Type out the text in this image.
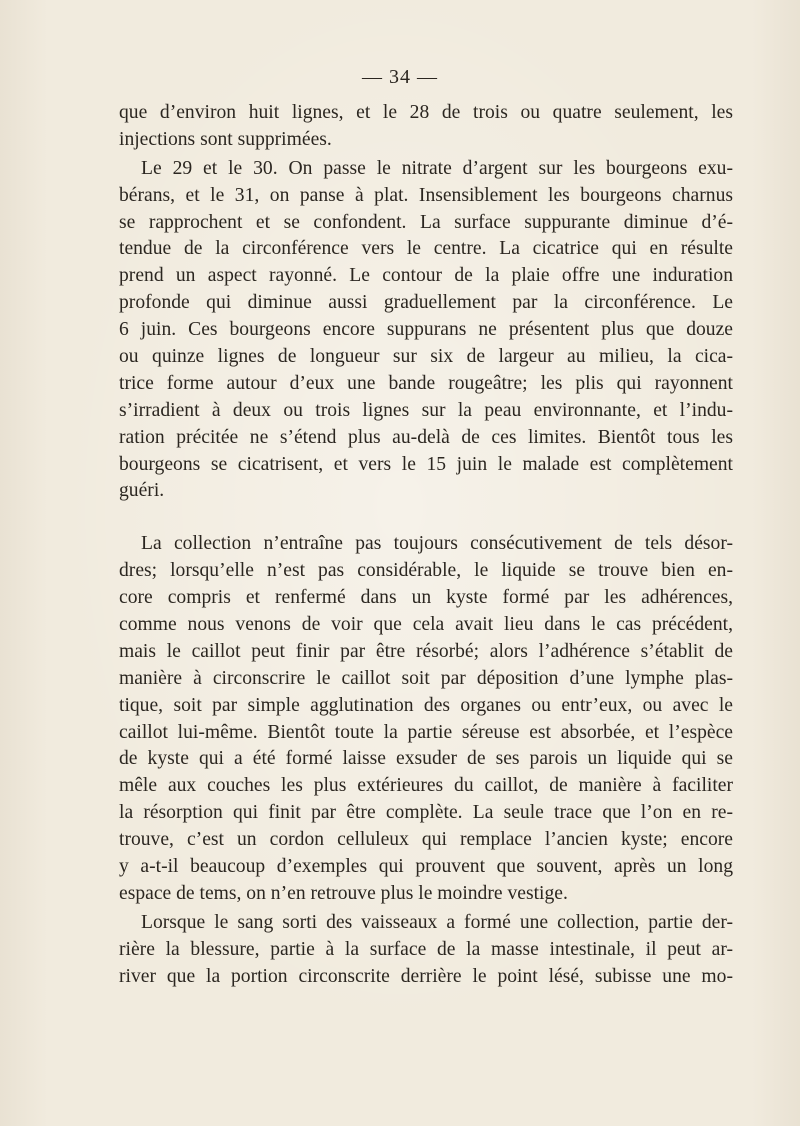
— 34 —
que d’environ huit lignes, et le 28 de trois ou quatre seulement, les
injections sont supprimées.
Le 29 et le 30. On passe le nitrate d’argent sur les bourgeons exu-
bérans, et le 31, on panse à plat. Insensiblement les bourgeons charnus
se rapprochent et se confondent. La surface suppurante diminue d’é-
tendue de la circonférence vers le centre. La cicatrice qui en résulte
prend un aspect rayonné. Le contour de la plaie offre une induration
profonde qui diminue aussi graduellement par la circonférence. Le
6 juin. Ces bourgeons encore suppurans ne présentent plus que douze
ou quinze lignes de longueur sur six de largeur au milieu, la cica-
trice forme autour d’eux une bande rougeâtre; les plis qui rayonnent
s’irradient à deux ou trois lignes sur la peau environnante, et l’indu-
ration précitée ne s’étend plus au-delà de ces limites. Bientôt tous les
bourgeons se cicatrisent, et vers le 15 juin le malade est complètement
guéri.
La collection n’entraîne pas toujours consécutivement de tels désor-
dres; lorsqu’elle n’est pas considérable, le liquide se trouve bien en-
core compris et renfermé dans un kyste formé par les adhérences,
comme nous venons de voir que cela avait lieu dans le cas précédent,
mais le caillot peut finir par être résorbé; alors l’adhérence s’établit de
manière à circonscrire le caillot soit par déposition d’une lymphe plas-
tique, soit par simple agglutination des organes ou entr’eux, ou avec le
caillot lui-même. Bientôt toute la partie séreuse est absorbée, et l’espèce
de kyste qui a été formé laisse exsuder de ses parois un liquide qui se
mêle aux couches les plus extérieures du caillot, de manière à faciliter
la résorption qui finit par être complète. La seule trace que l’on en re-
trouve, c’est un cordon celluleux qui remplace l’ancien kyste; encore
y a-t-il beaucoup d’exemples qui prouvent que souvent, après un long
espace de tems, on n’en retrouve plus le moindre vestige.
Lorsque le sang sorti des vaisseaux a formé une collection, partie der-
rière la blessure, partie à la surface de la masse intestinale, il peut ar-
river que la portion circonscrite derrière le point lésé, subisse une mo-
